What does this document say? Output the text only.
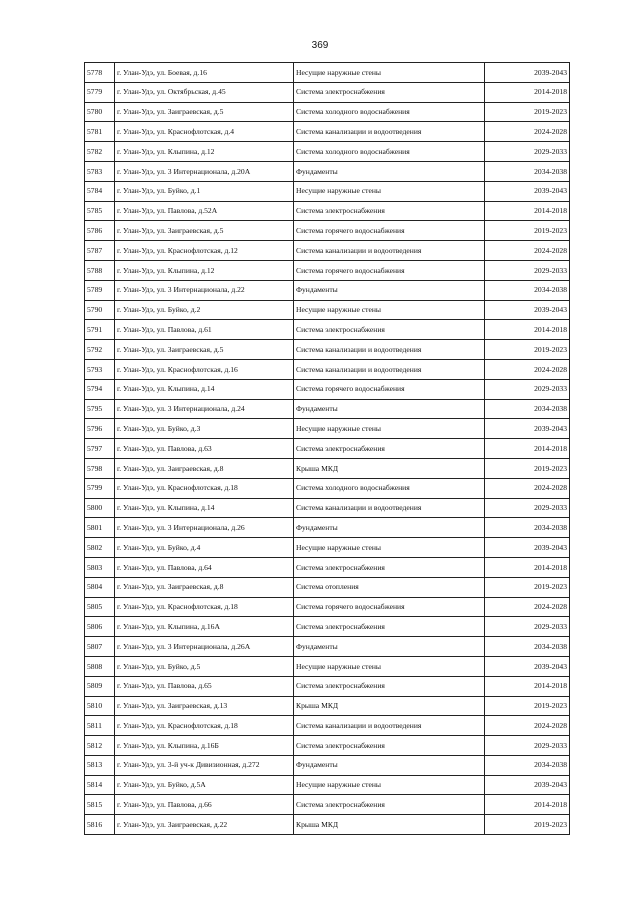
369
5778	г. Улан-Удэ, ул. Боевая, д.16	Несущие наружные стены	2039-2043
5779	г. Улан-Удэ, ул. Октябрьская, д.45	Система электроснабжения	2014-2018
5780	г. Улан-Удэ, ул. Заиграевская, д.5	Система холодного водоснабжения	2019-2023
5781	г. Улан-Удэ, ул. Краснофлотская, д.4	Система канализации и водоотведения	2024-2028
5782	г. Улан-Удэ, ул. Клыпина, д.12	Система холодного водоснабжения	2029-2033
5783	г. Улан-Удэ, ул. 3 Интернационала, д.20А	Фундаменты	2034-2038
5784	г. Улан-Удэ, ул. Буйко, д.1	Несущие наружные стены	2039-2043
5785	г. Улан-Удэ, ул. Павлова, д.52А	Система электроснабжения	2014-2018
5786	г. Улан-Удэ, ул. Заиграевская, д.5	Система горячего водоснабжения	2019-2023
5787	г. Улан-Удэ, ул. Краснофлотская, д.12	Система канализации и водоотведения	2024-2028
5788	г. Улан-Удэ, ул. Клыпина, д.12	Система горячего водоснабжения	2029-2033
5789	г. Улан-Удэ, ул. 3 Интернационала, д.22	Фундаменты	2034-2038
5790	г. Улан-Удэ, ул. Буйко, д.2	Несущие наружные стены	2039-2043
5791	г. Улан-Удэ, ул. Павлова, д.61	Система электроснабжения	2014-2018
5792	г. Улан-Удэ, ул. Заиграевская, д.5	Система канализации и водоотведения	2019-2023
5793	г. Улан-Удэ, ул. Краснофлотская, д.16	Система канализации и водоотведения	2024-2028
5794	г. Улан-Удэ, ул. Клыпина, д.14	Система горячего водоснабжения	2029-2033
5795	г. Улан-Удэ, ул. 3 Интернационала, д.24	Фундаменты	2034-2038
5796	г. Улан-Удэ, ул. Буйко, д.3	Несущие наружные стены	2039-2043
5797	г. Улан-Удэ, ул. Павлова, д.63	Система электроснабжения	2014-2018
5798	г. Улан-Удэ, ул. Заиграевская, д.8	Крыша МКД	2019-2023
5799	г. Улан-Удэ, ул. Краснофлотская, д.18	Система холодного водоснабжения	2024-2028
5800	г. Улан-Удэ, ул. Клыпина, д.14	Система канализации и водоотведения	2029-2033
5801	г. Улан-Удэ, ул. 3 Интернационала, д.26	Фундаменты	2034-2038
5802	г. Улан-Удэ, ул. Буйко, д.4	Несущие наружные стены	2039-2043
5803	г. Улан-Удэ, ул. Павлова, д.64	Система электроснабжения	2014-2018
5804	г. Улан-Удэ, ул. Заиграевская, д.8	Система отопления	2019-2023
5805	г. Улан-Удэ, ул. Краснофлотская, д.18	Система горячего водоснабжения	2024-2028
5806	г. Улан-Удэ, ул. Клыпина, д.16А	Система электроснабжения	2029-2033
5807	г. Улан-Удэ, ул. 3 Интернационала, д.26А	Фундаменты	2034-2038
5808	г. Улан-Удэ, ул. Буйко, д.5	Несущие наружные стены	2039-2043
5809	г. Улан-Удэ, ул. Павлова, д.65	Система электроснабжения	2014-2018
5810	г. Улан-Удэ, ул. Заиграевская, д.13	Крыша МКД	2019-2023
5811	г. Улан-Удэ, ул. Краснофлотская, д.18	Система канализации и водоотведения	2024-2028
5812	г. Улан-Удэ, ул. Клыпина, д.16Б	Система электроснабжения	2029-2033
5813	г. Улан-Удэ, ул. 3-й уч-к Дивизионная, д.272	Фундаменты	2034-2038
5814	г. Улан-Удэ, ул. Буйко, д.5А	Несущие наружные стены	2039-2043
5815	г. Улан-Удэ, ул. Павлова, д.66	Система электроснабжения	2014-2018
5816	г. Улан-Удэ, ул. Заиграевская, д.22	Крыша МКД	2019-2023
